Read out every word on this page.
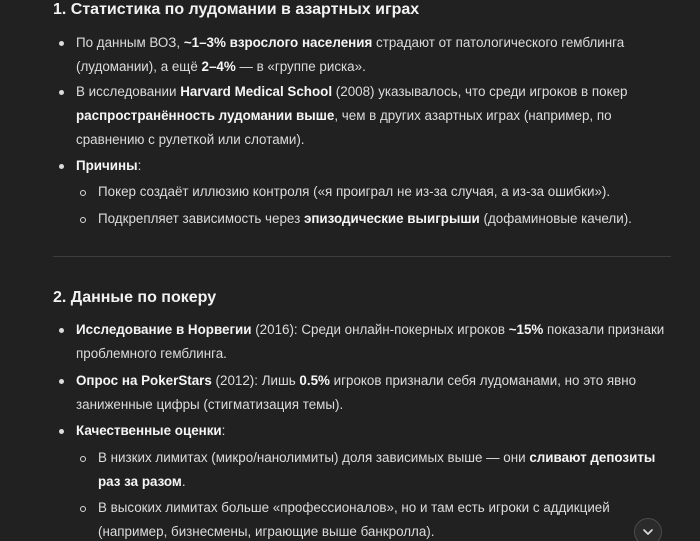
1. Статистика по лудомании в азартных играх
По данным ВОЗ, ~1–3% взрослого населения страдают от патологического гемблинга (лудомании), а ещё 2–4% — в «группе риска».
В исследовании Harvard Medical School (2008) указывалось, что среди игроков в покер распространённость лудомании выше, чем в других азартных играх (например, по сравнению с рулеткой или слотами).
Причины:
Покер создаёт иллюзию контроля («я проиграл не из-за случая, а из-за ошибки»).
Подкрепляет зависимость через эпизодические выигрыши (дофаминовые качели).
2. Данные по покеру
Исследование в Норвегии (2016): Среди онлайн-покерных игроков ~15% показали признаки проблемного гемблинга.
Опрос на PokerStars (2012): Лишь 0.5% игроков признали себя лудоманами, но это явно заниженные цифры (стигматизация темы).
Качественные оценки:
В низких лимитах (микро/нанолимиты) доля зависимых выше — они сливают депозиты раз за разом.
В высоких лимитах больше «профессионалов», но и там есть игроки с аддикцией (например, бизнесмены, играющие выше банкролла).
